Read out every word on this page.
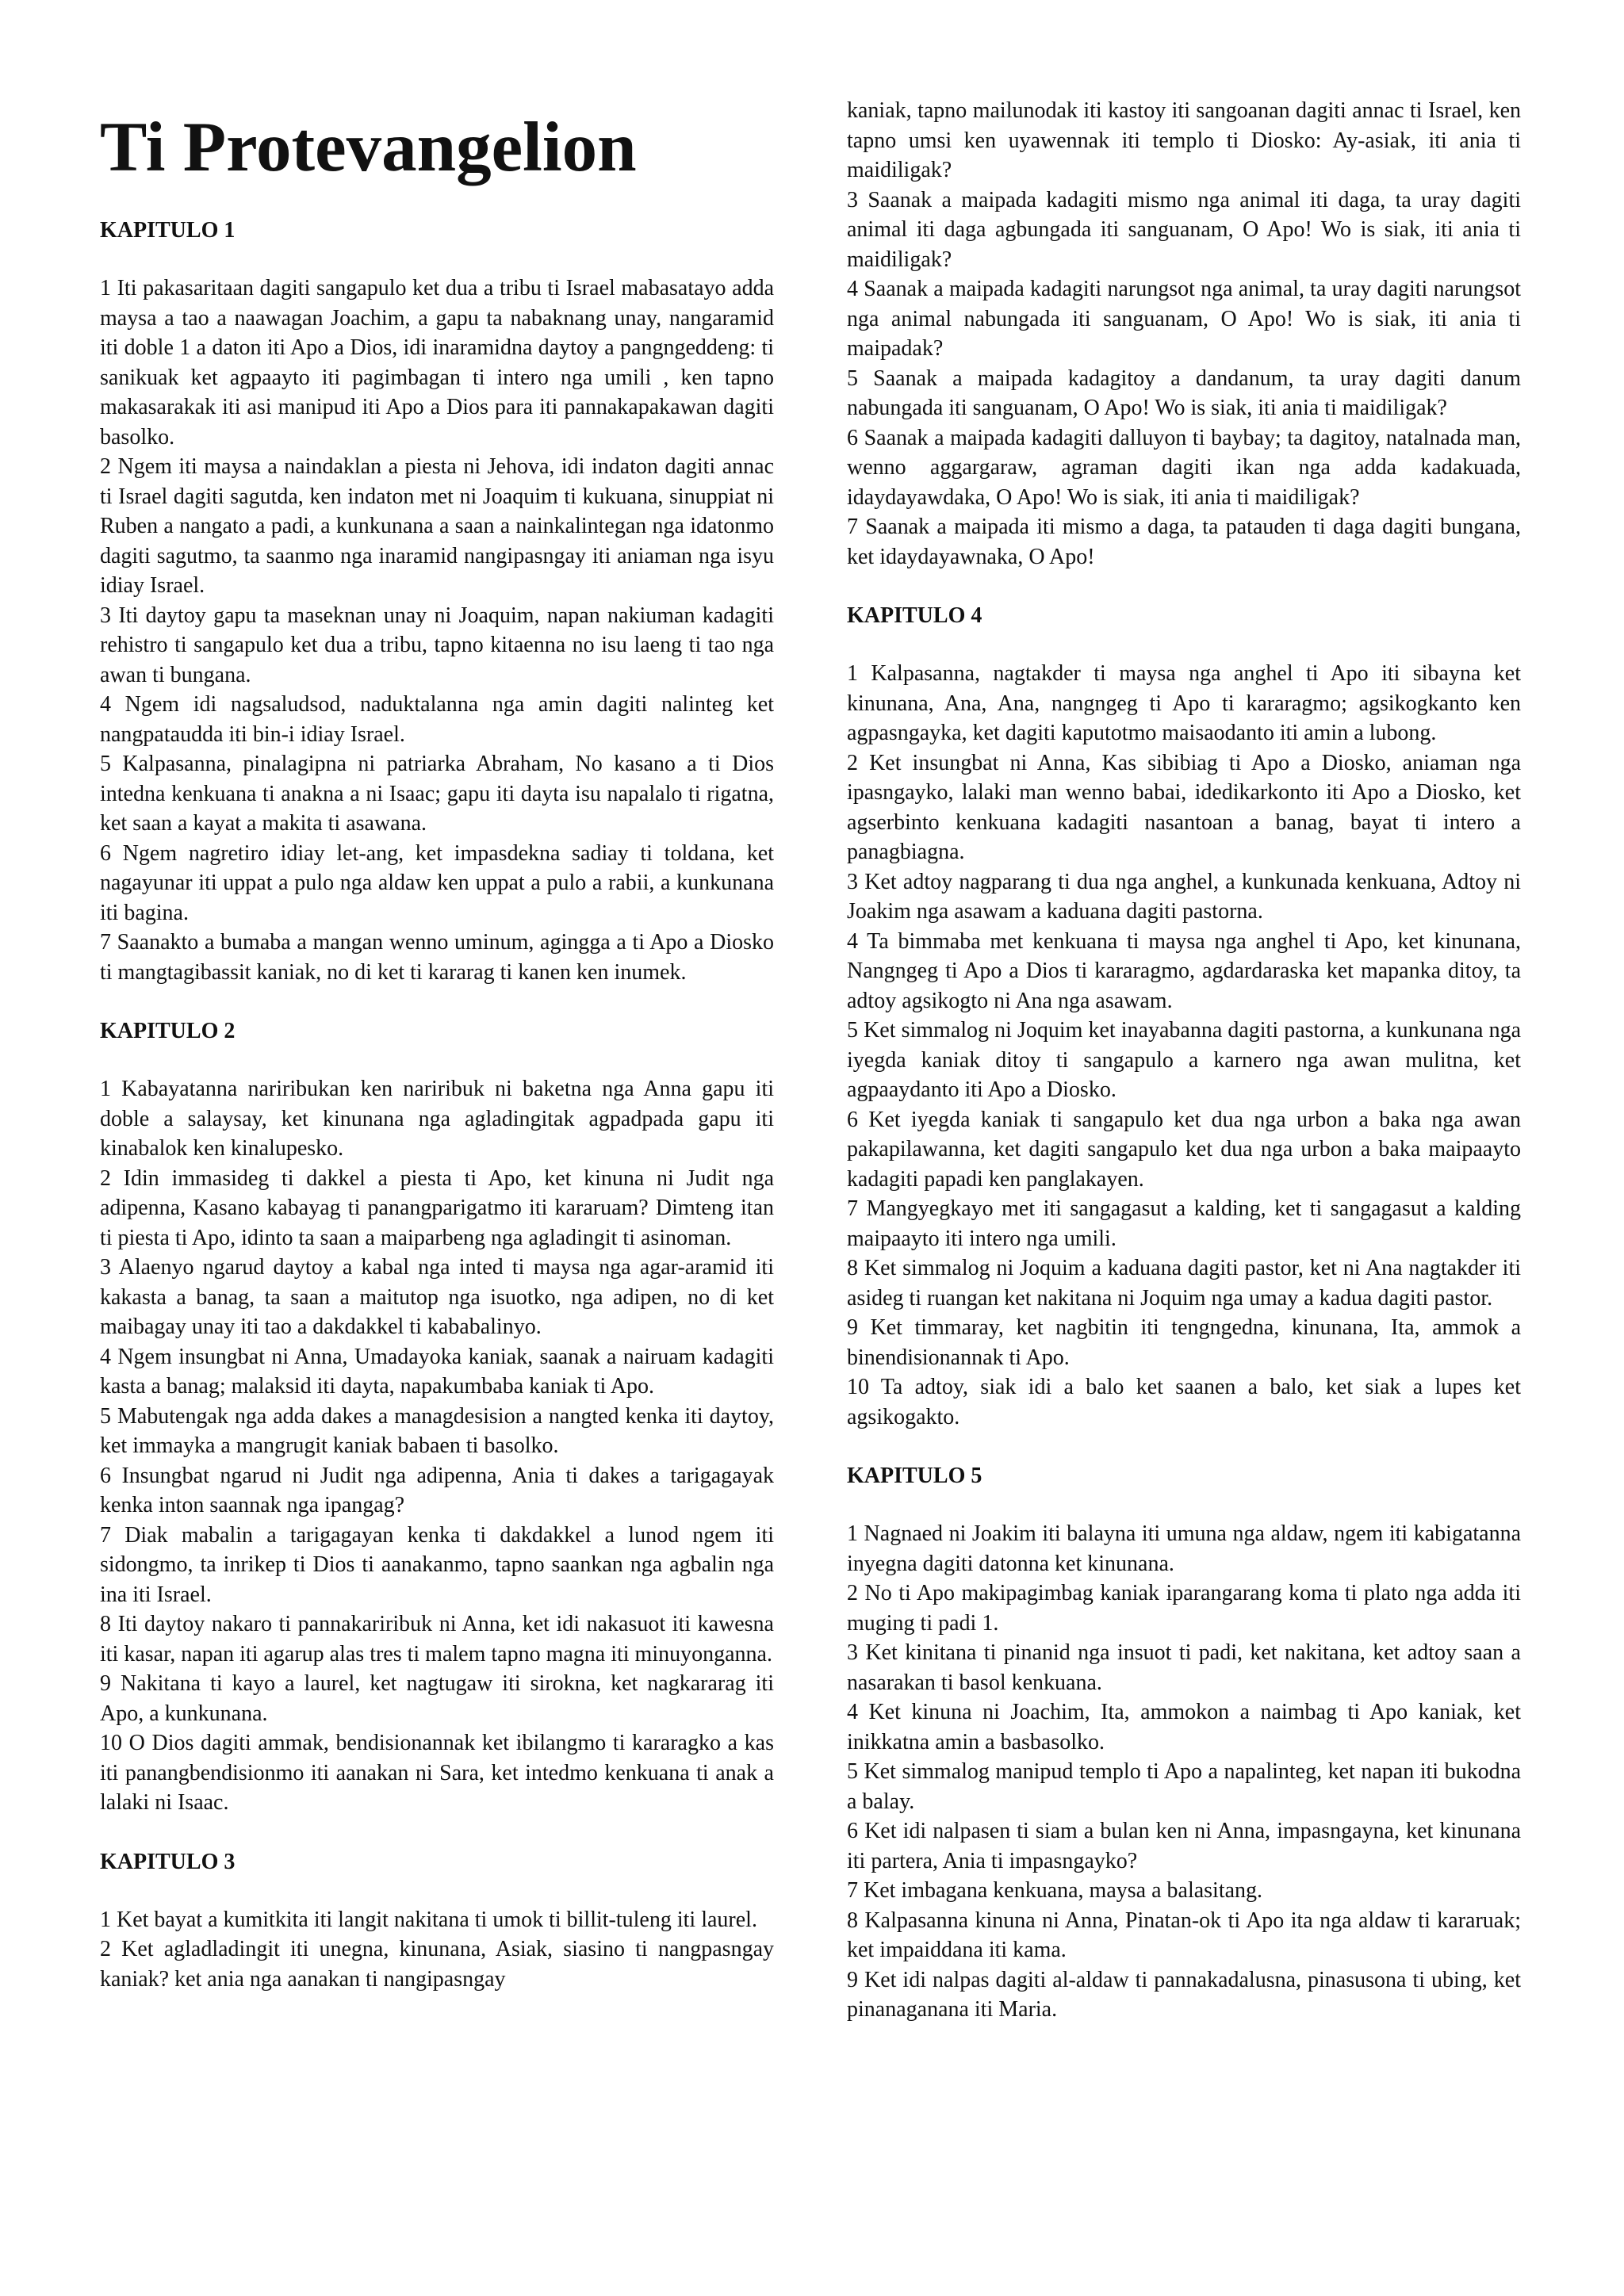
Ti Protevangelion
KAPITULO 1

1 Iti pakasaritaan dagiti sangapulo ket dua a tribu ti Israel mabasatayo adda maysa a tao a naawagan Joachim, a gapu ta nabaknang unay, nangaramid iti doble 1 a daton iti Apo a Dios, idi inaramidna daytoy a pangngeddeng: ti sanikuak ket agpaayto iti pagimbagan ti intero nga umili , ken tapno makasarakak iti asi manipud iti Apo a Dios para iti pannakapakawan dagiti basolko.

2 Ngem iti maysa a naindaklan a piesta ni Jehova, idi indaton dagiti annac ti Israel dagiti sagutda, ken indaton met ni Joaquim ti kukuana, sinuppiat ni Ruben a nangato a padi, a kunkunana a saan a nainkalintegan nga idatonmo dagiti sagutmo, ta saanmo nga inaramid nangipasngay iti aniaman nga isyu idiay Israel.

3 Iti daytoy gapu ta maseknan unay ni Joaquim, napan nakiuman kadagiti rehistro ti sangapulo ket dua a tribu, tapno kitaenna no isu laeng ti tao nga awan ti bungana.

4 Ngem idi nagsaludsod, naduktalanna nga amin dagiti nalinteg ket nangpataudda iti bin-i idiay Israel.

5 Kalpasanna, pinalagipna ni patriarka Abraham, No kasano a ti Dios intedna kenkuana ti anakna a ni Isaac; gapu iti dayta isu napalalo ti rigatna, ket saan a kayat a makita ti asawana.

6 Ngem nagretiro idiay let-ang, ket impasdekna sadiay ti toldana, ket nagayunar iti uppat a pulo nga aldaw ken uppat a pulo a rabii, a kunkunana iti bagina.

7 Saanakto a bumaba a mangan wenno uminum, agingga a ti Apo a Diosko ti mangtagibassit kaniak, no di ket ti kararag ti kanen ken inumek.

KAPITULO 2

1 Kabayatanna nariribukan ken nariribuk ni baketna nga Anna gapu iti doble a salaysay, ket kinunana nga agladingitak agpadpada gapu iti kinabalok ken kinalupesko.

2 Idin immasideg ti dakkel a piesta ti Apo, ket kinuna ni Judit nga adipenna, Kasano kabayag ti panangparigatmo iti kararuam? Dimteng itan ti piesta ti Apo, idinto ta saan a maiparbeng nga agladingit ti asinoman.

3 Alaenyo ngarud daytoy a kabal nga inted ti maysa nga agar-aramid iti kakasta a banag, ta saan a maitutop nga isuotko, nga adipen, no di ket maibagay unay iti tao a dakdakkel ti kababalinyo.

4 Ngem insungbat ni Anna, Umadayoka kaniak, saanak a nairuam kadagiti kasta a banag; malaksid iti dayta, napakumbaba kaniak ti Apo.

5 Mabutengak nga adda dakes a managdesision a nangted kenka iti daytoy, ket immayka a mangrugit kaniak babaen ti basolko.

6 Insungbat ngarud ni Judit nga adipenna, Ania ti dakes a tarigagayak kenka inton saannak nga ipangag?

7 Diak mabalin a tarigagayan kenka ti dakdakkel a lunod ngem iti sidongmo, ta inrikep ti Dios ti aanakanmo, tapno saankan nga agbalin nga ina iti Israel.

8 Iti daytoy nakaro ti pannakariribuk ni Anna, ket idi nakasuot iti kawesna iti kasar, napan iti agarup alas tres ti malem tapno magna iti minuyonganna.

9 Nakitana ti kayo a laurel, ket nagtugaw iti sirokna, ket nagkararag iti Apo, a kunkunana.

10 O Dios dagiti ammak, bendisionannak ket ibilangmo ti kararagko a kas iti panangbendisionmo iti aanakan ni Sara, ket intedmo kenkuana ti anak a lalaki ni Isaac.

KAPITULO 3

1 Ket bayat a kumitkita iti langit nakitana ti umok ti billit-tuleng iti laurel.

2 Ket agladladingit iti unegna, kinunana, Asiak, siasino ti nangpasngay kaniak? ket ania nga aanakan ti nangipasngay

kaniak, tapno mailunodak iti kastoy iti sangoanan dagiti annac ti Israel, ken tapno umsi ken uyawennak iti templo ti Diosko: Ay-asiak, iti ania ti maidiligak?

3 Saanak a maipada kadagiti mismo nga animal iti daga, ta uray dagiti animal iti daga agbungada iti sanguanam, O Apo! Wo is siak, iti ania ti maidiligak?

4 Saanak a maipada kadagiti narungsot nga animal, ta uray dagiti narungsot nga animal nabungada iti sanguanam, O Apo! Wo is siak, iti ania ti maipadak?

5 Saanak a maipada kadagitoy a dandanum, ta uray dagiti danum nabungada iti sanguanam, O Apo! Wo is siak, iti ania ti maidiligak?

6 Saanak a maipada kadagiti dalluyon ti baybay; ta dagitoy, natalnada man, wenno aggargaraw, agraman dagiti ikan nga adda kadakuada, idaydayawdaka, O Apo! Wo is siak, iti ania ti maidiligak?

7 Saanak a maipada iti mismo a daga, ta patauden ti daga dagiti bungana, ket idaydayawnaka, O Apo!

KAPITULO 4

1 Kalpasanna, nagtakder ti maysa nga anghel ti Apo iti sibayna ket kinunana, Ana, Ana, nangngeg ti Apo ti kararagmo; agsikogkanto ken agpasngayka, ket dagiti kaputotmo maisaodanto iti amin a lubong.

2 Ket insungbat ni Anna, Kas sibibiag ti Apo a Diosko, aniaman nga ipasngayko, lalaki man wenno babai, idedikarkonto iti Apo a Diosko, ket agserbinto kenkuana kadagiti nasantoan a banag, bayat ti intero a panagbiagna.

3 Ket adtoy nagparang ti dua nga anghel, a kunkunada kenkuana, Adtoy ni Joakim nga asawam a kaduana dagiti pastorna.

4 Ta bimmaba met kenkuana ti maysa nga anghel ti Apo, ket kinunana, Nangngeg ti Apo a Dios ti kararagmo, agdardaraska ket mapanka ditoy, ta adtoy agsikogto ni Ana nga asawam.

5 Ket simmalog ni Joquim ket inayabanna dagiti pastorna, a kunkunana nga iyegda kaniak ditoy ti sangapulo a karnero nga awan mulitna, ket agpaaydanto iti Apo a Diosko.

6 Ket iyegda kaniak ti sangapulo ket dua nga urbon a baka nga awan pakapilawanna, ket dagiti sangapulo ket dua nga urbon a baka maipaayto kadagiti papadi ken panglakayen.

7 Mangyegkayo met iti sangagasut a kalding, ket ti sangagasut a kalding maipaayto iti intero nga umili.

8 Ket simmalog ni Joquim a kaduana dagiti pastor, ket ni Ana nagtakder iti asideg ti ruangan ket nakitana ni Joquim nga umay a kadua dagiti pastor.

9 Ket timmaray, ket nagbitin iti tengngedna, kinunana, Ita, ammok a binendisionannak ti Apo.

10 Ta adtoy, siak idi a balo ket saanen a balo, ket siak a lupes ket agsikogakto.

KAPITULO 5

1 Nagnaed ni Joakim iti balayna iti umuna nga aldaw, ngem iti kabigatanna inyegna dagiti datonna ket kinunana.

2 No ti Apo makipagimbag kaniak iparangarang koma ti plato nga adda iti muging ti padi 1.

3 Ket kinitana ti pinanid nga insuot ti padi, ket nakitana, ket adtoy saan a nasarakan ti basol kenkuana.

4 Ket kinuna ni Joachim, Ita, ammokon a naimbag ti Apo kaniak, ket inikkatna amin a basbasolko.

5 Ket simmalog manipud templo ti Apo a napalinteg, ket napan iti bukodna a balay.

6 Ket idi nalpasen ti siam a bulan ken ni Anna, impasngayna, ket kinunana iti partera, Ania ti impasngayko?

7 Ket imbagana kenkuana, maysa a balasitang.

8 Kalpasanna kinuna ni Anna, Pinatan-ok ti Apo ita nga aldaw ti kararuak; ket impaiddana iti kama.

9 Ket idi nalpas dagiti al-aldaw ti pannakadalusna, pinasusona ti ubing, ket pinanaganana iti Maria.
